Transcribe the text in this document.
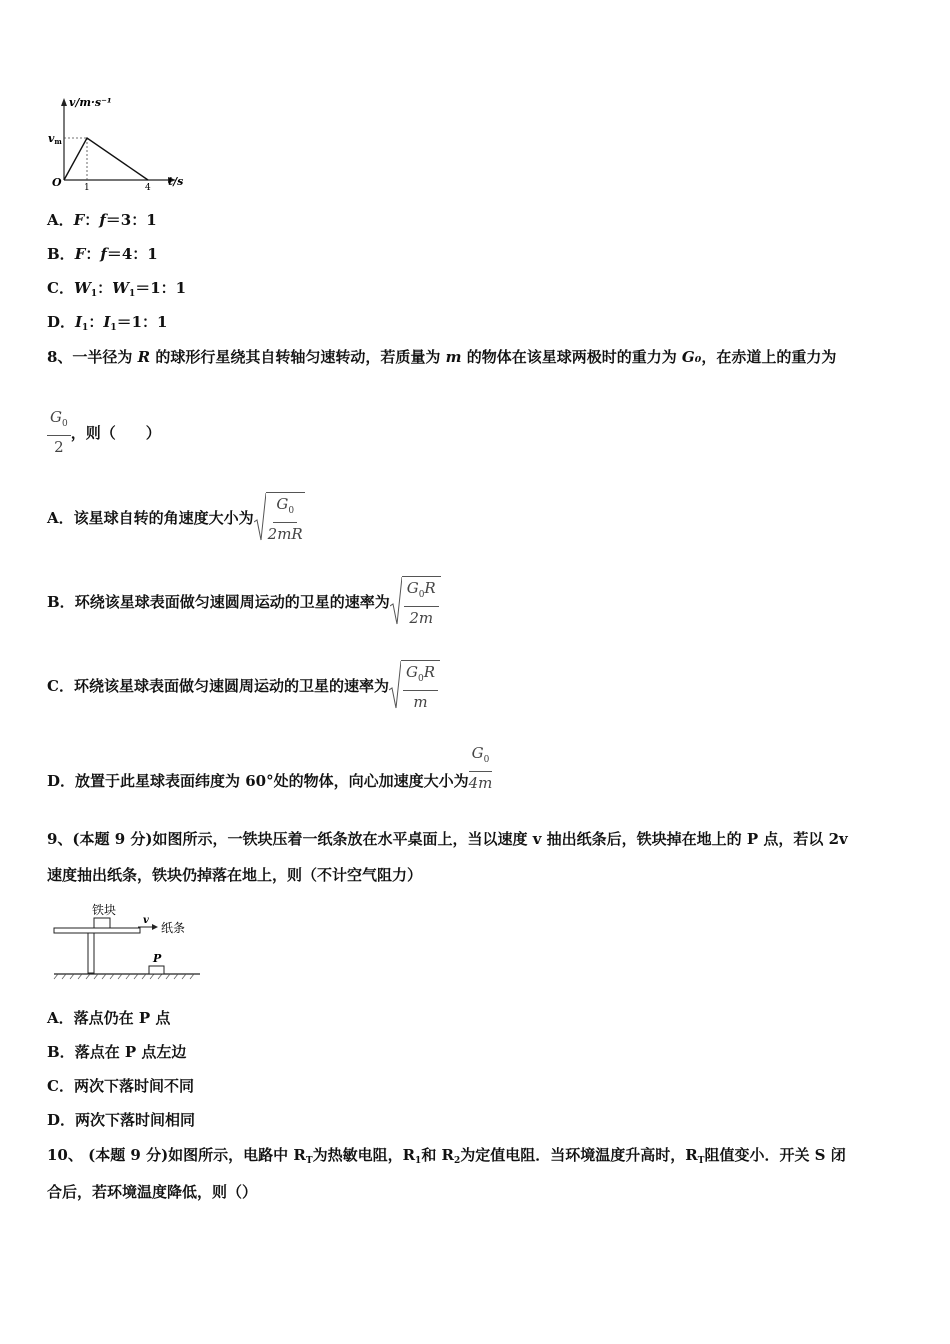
v/m·s⁻¹
vm
O 1	4 t/s
A．F：f＝3：1
B．F：f＝4：1
C．$W_1$：$W_1=1$：1
D．$I_1$：$I_1=1$：1
8、一半径为 R 的球形行星绕其自转轴匀速转动，若质量为 m 的物体在该星球两极时的重力为 G₀，在赤道上的重力为
$\frac{G_0}{2}$ ，则（　　）
A． 该星球自转的角速度大小为 $\frac{G_0}{2mR}$
B． 环绕该星球表面做匀速圆周运动的卫星的速率为 $\frac{G_0R}{2m}$
C． 环绕该星球表面做匀速圆周运动的卫星的速率为 $\frac{G_0R}{m}$
D． 放置于此星球表面纬度为 60°处的物体，向心加速度大小为 $\frac{G_0}{4m}$
9、(本题 9 分)如图所示，一铁块压着一纸条放在水平桌面上，当以速度 v 抽出纸条后，铁块掉在地上的 P 点，若以 2v
速度抽出纸条，铁块仍掉落在地上，则（不计空气阻力）
铁块
v
纸条
P
A．落点仍在 P 点
B．落点在 P 点左边
C．两次下落时间不同
D．两次下落时间相同
10、 (本题 9 分)如图所示，电路中 $R_T$为热敏电阻，$R_1$和 $R_2$为定值电阻．当环境温度升高时，$R_T$阻值变小．开关 S 闭
合后，若环境温度降低，则（）
